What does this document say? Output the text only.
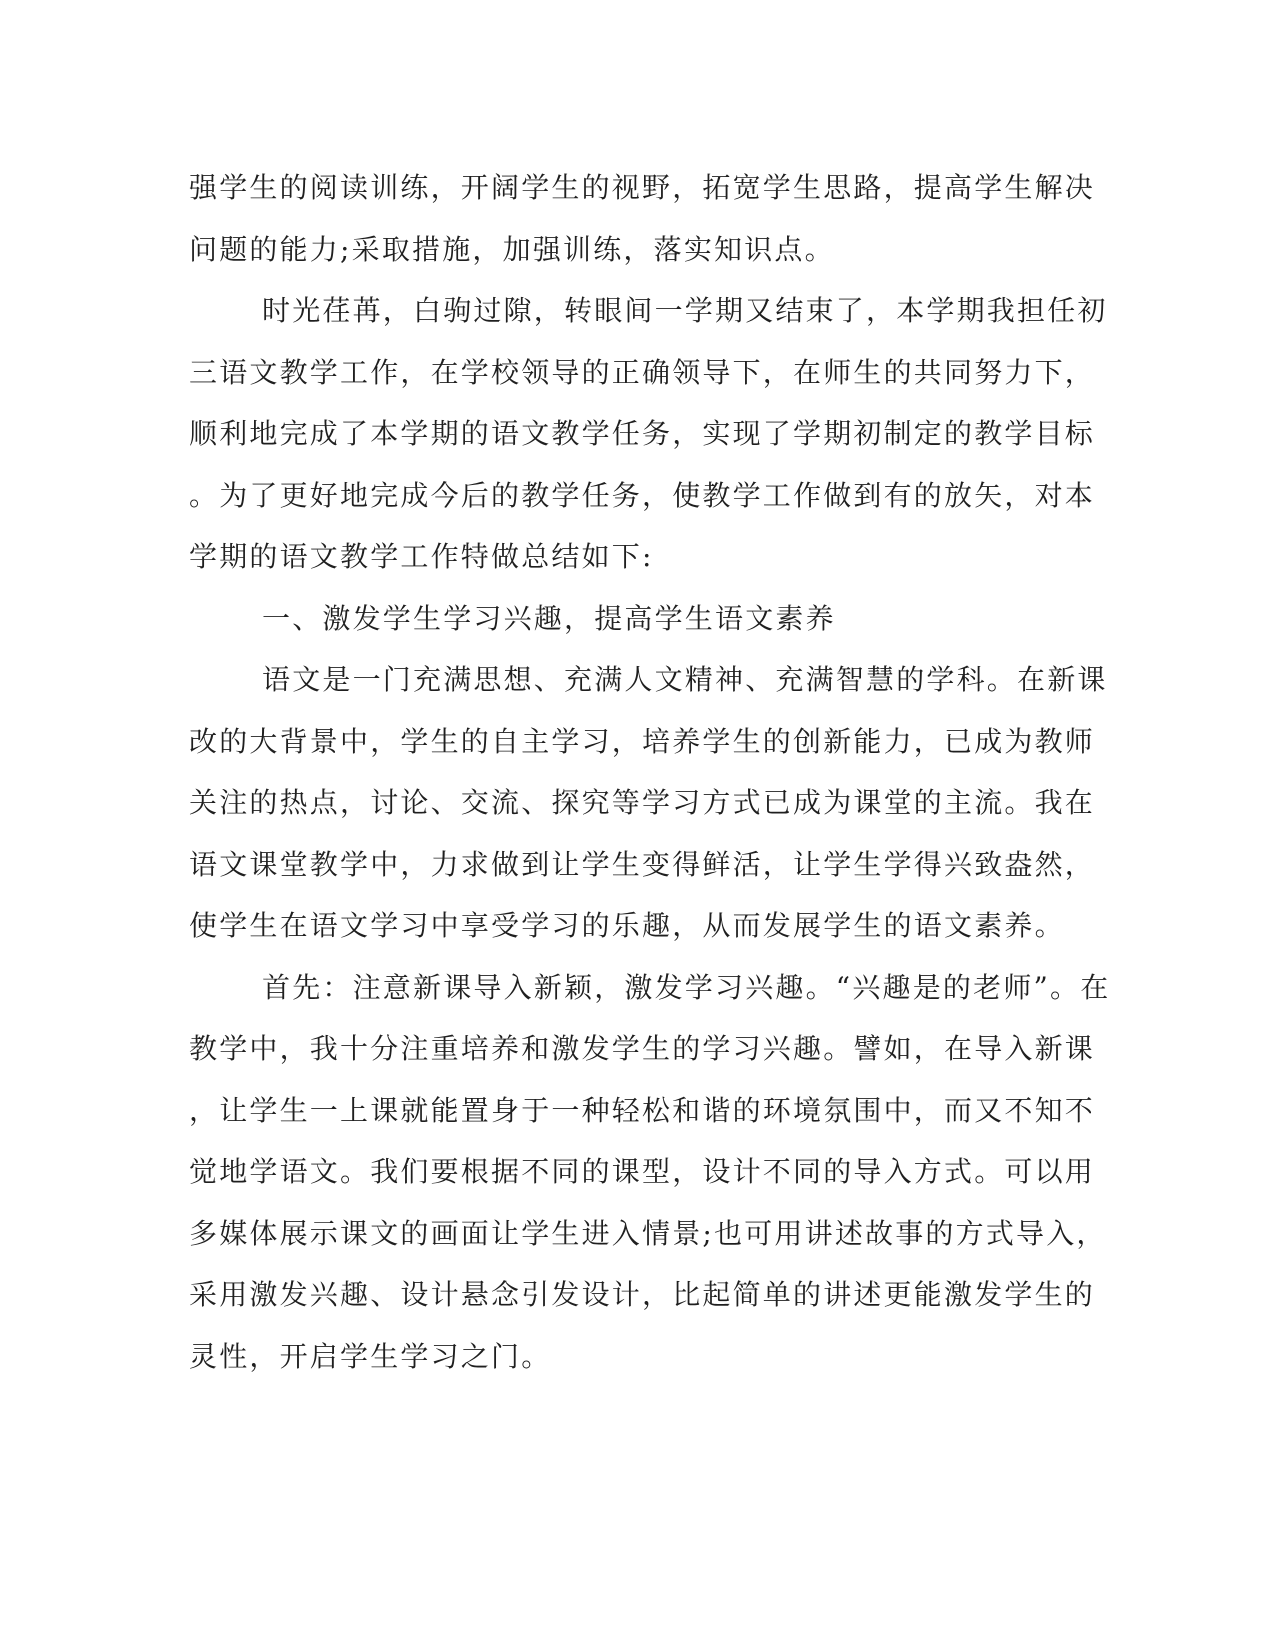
强学生的阅读训练，开阔学生的视野，拓宽学生思路，提高学生解决
问题的能力;采取措施，加强训练，落实知识点。
时光荏苒，白驹过隙，转眼间一学期又结束了，本学期我担任初
三语文教学工作，在学校领导的正确领导下，在师生的共同努力下，
顺利地完成了本学期的语文教学任务，实现了学期初制定的教学目标
。为了更好地完成今后的教学任务，使教学工作做到有的放矢，对本
学期的语文教学工作特做总结如下:
一、激发学生学习兴趣，提高学生语文素养
语文是一门充满思想、充满人文精神、充满智慧的学科。在新课
改的大背景中，学生的自主学习，培养学生的创新能力，已成为教师
关注的热点，讨论、交流、探究等学习方式已成为课堂的主流。我在
语文课堂教学中，力求做到让学生变得鲜活，让学生学得兴致盎然，
使学生在语文学习中享受学习的乐趣，从而发展学生的语文素养。
首先：注意新课导入新颖，激发学习兴趣。“兴趣是的老师”。在
教学中，我十分注重培养和激发学生的学习兴趣。譬如，在导入新课
，让学生一上课就能置身于一种轻松和谐的环境氛围中，而又不知不
觉地学语文。我们要根据不同的课型，设计不同的导入方式。可以用
多媒体展示课文的画面让学生进入情景;也可用讲述故事的方式导入，
采用激发兴趣、设计悬念引发设计，比起简单的讲述更能激发学生的
灵性，开启学生学习之门。
